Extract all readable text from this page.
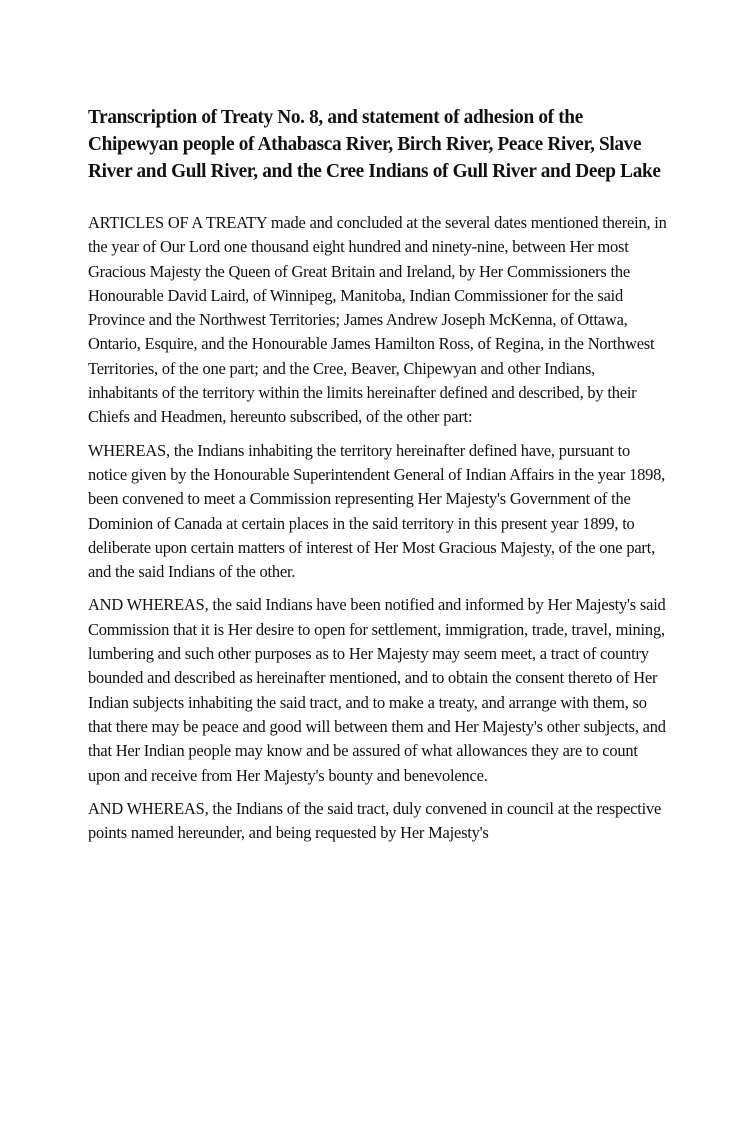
Transcription of Treaty No. 8, and statement of adhesion of the Chipewyan people of Athabasca River, Birch River, Peace River, Slave River and Gull River, and the Cree Indians of Gull River and Deep Lake

ARTICLES OF A TREATY made and concluded at the several dates mentioned therein, in the year of Our Lord one thousand eight hundred and ninety-nine, between Her most Gracious Majesty the Queen of Great Britain and Ireland, by Her Commissioners the Honourable David Laird, of Winnipeg, Manitoba, Indian Commissioner for the said Province and the Northwest Territories; James Andrew Joseph McKenna, of Ottawa, Ontario, Esquire, and the Honourable James Hamilton Ross, of Regina, in the Northwest Territories, of the one part; and the Cree, Beaver, Chipewyan and other Indians, inhabitants of the territory within the limits hereinafter defined and described, by their Chiefs and Headmen, hereunto subscribed, of the other part:

WHEREAS, the Indians inhabiting the territory hereinafter defined have, pursuant to notice given by the Honourable Superintendent General of Indian Affairs in the year 1898, been convened to meet a Commission representing Her Majesty's Government of the Dominion of Canada at certain places in the said territory in this present year 1899, to deliberate upon certain matters of interest of Her Most Gracious Majesty, of the one part, and the said Indians of the other.

AND WHEREAS, the said Indians have been notified and informed by Her Majesty's said Commission that it is Her desire to open for settlement, immigration, trade, travel, mining, lumbering and such other purposes as to Her Majesty may seem meet, a tract of country bounded and described as hereinafter mentioned, and to obtain the consent thereto of Her Indian subjects inhabiting the said tract, and to make a treaty, and arrange with them, so that there may be peace and good will between them and Her Majesty's other subjects, and that Her Indian people may know and be assured of what allowances they are to count upon and receive from Her Majesty's bounty and benevolence.

AND WHEREAS, the Indians of the said tract, duly convened in council at the respective points named hereunder, and being requested by Her Majesty's
